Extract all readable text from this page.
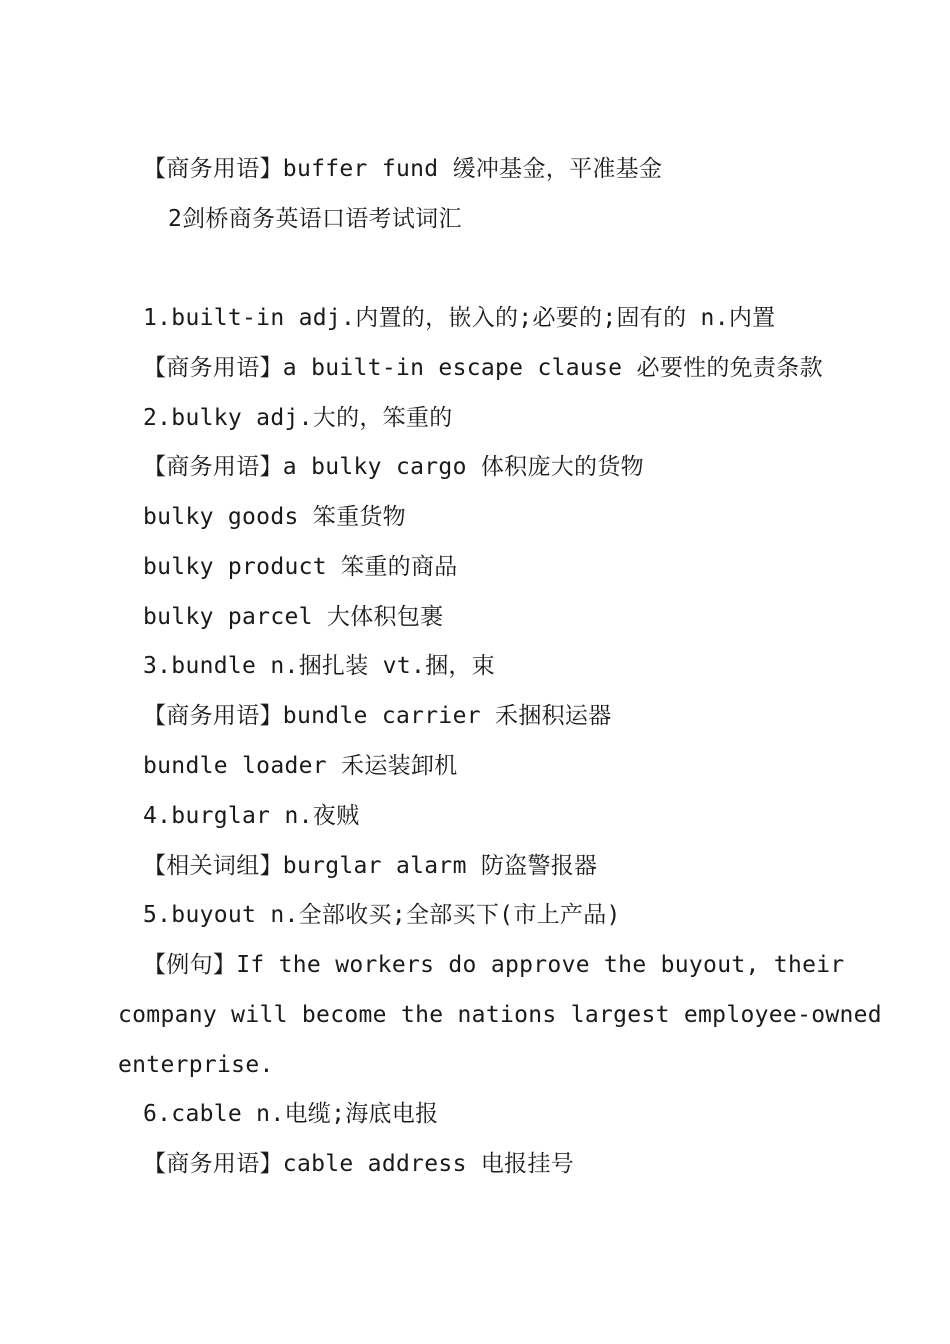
【商务用语】buffer fund 缓冲基金，平准基金
2剑桥商务英语口语考试词汇
1.built-in adj.内置的，嵌入的;必要的;固有的 n.内置
【商务用语】a built-in escape clause 必要性的免责条款
2.bulky adj.大的，笨重的
【商务用语】a bulky cargo 体积庞大的货物
bulky goods 笨重货物
bulky product 笨重的商品
bulky parcel 大体积包裹
3.bundle n.捆扎装 vt.捆，束
【商务用语】bundle carrier 禾捆积运器
bundle loader 禾运装卸机
4.burglar n.夜贼
【相关词组】burglar alarm 防盗警报器
5.buyout n.全部收买;全部买下(市上产品)
【例句】If the workers do approve the buyout, their
company will become the nations largest employee-owned
enterprise.
6.cable n.电缆;海底电报
【商务用语】cable address 电报挂号
